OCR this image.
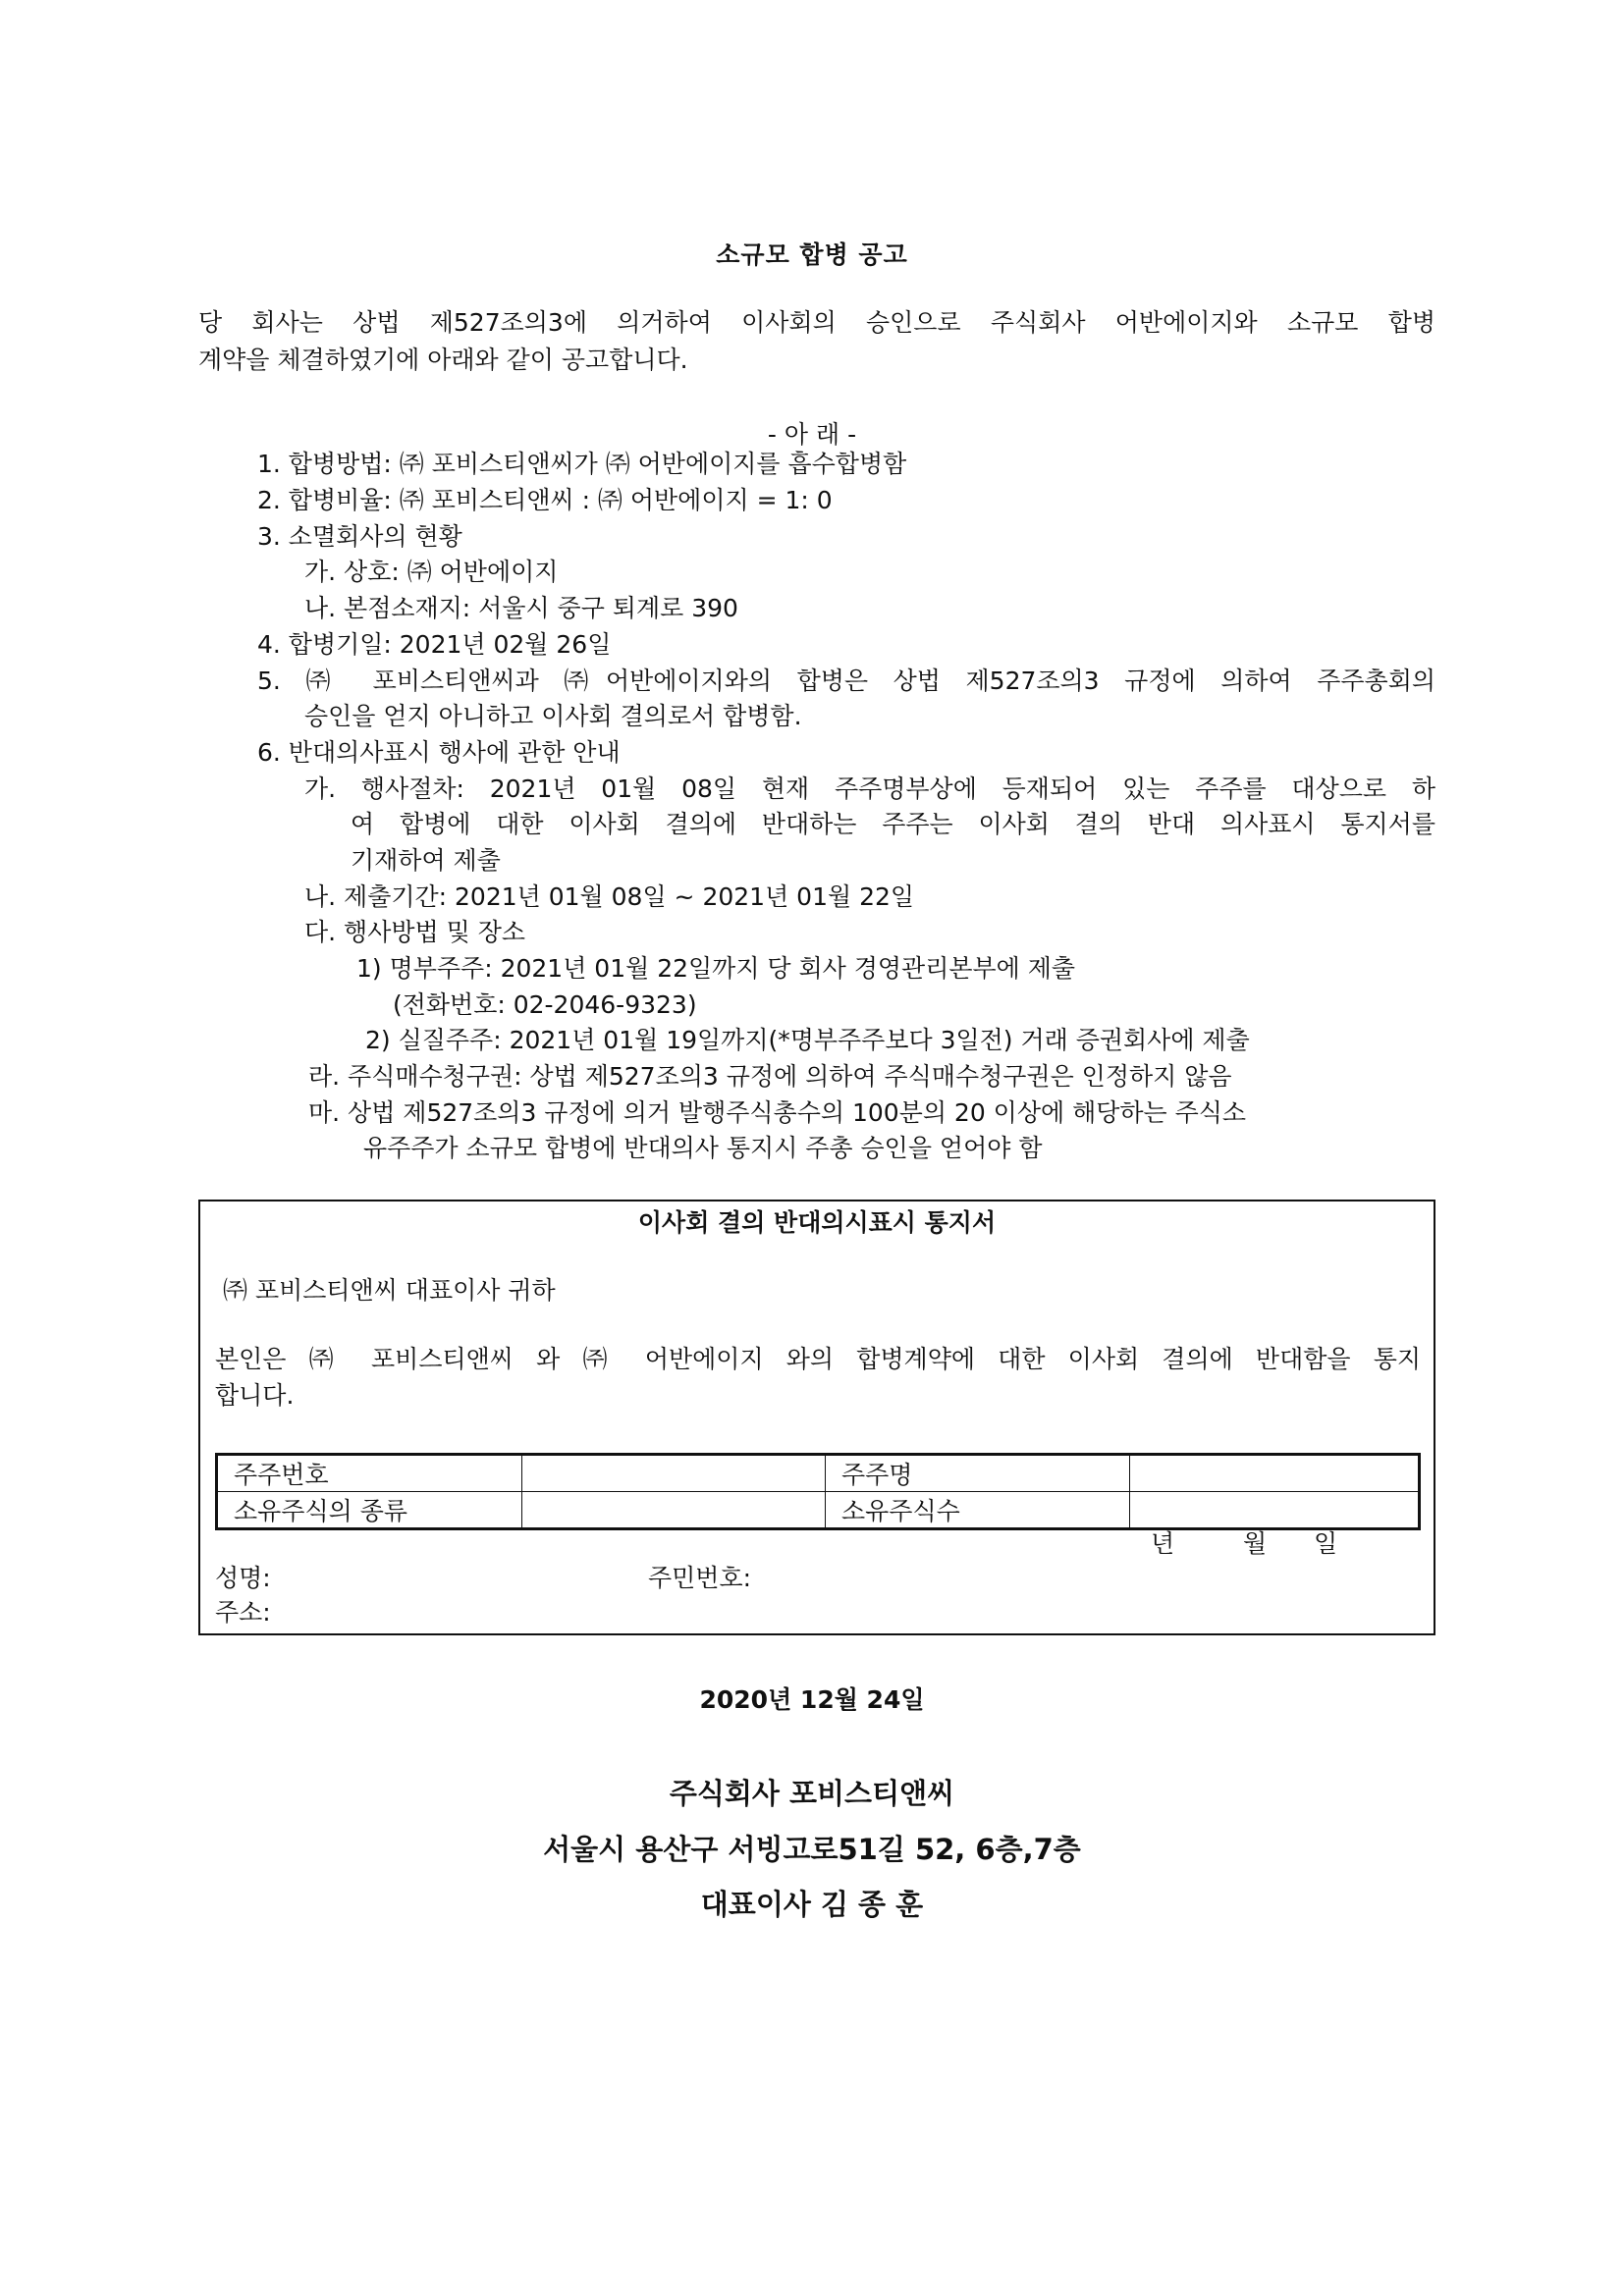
소규모 합병 공고
당 회사는 상법 제527조의3에 의거하여 이사회의 승인으로 주식회사 어반에이지와 소규모 합병
계약을 체결하였기에 아래와 같이 공고합니다.
- 아 래 -
1. 합병방법: ㈜ 포비스티앤씨가 ㈜ 어반에이지를 흡수합병함
2. 합병비율: ㈜ 포비스티앤씨 : ㈜ 어반에이지 = 1: 0
3. 소멸회사의 현황
가. 상호: ㈜ 어반에이지
나. 본점소재지: 서울시 중구 퇴계로 390
4. 합병기일: 2021년 02월 26일
5. ㈜ 포비스티앤씨과 ㈜어반에이지와의 합병은 상법 제527조의3 규정에 의하여 주주총회의
승인을 얻지 아니하고 이사회 결의로서 합병함.
6. 반대의사표시 행사에 관한 안내
가. 행사절차: 2021년 01월 08일 현재 주주명부상에 등재되어 있는 주주를 대상으로 하
여 합병에 대한 이사회 결의에 반대하는 주주는 이사회 결의 반대 의사표시 통지서를
기재하여 제출
나. 제출기간: 2021년 01월 08일 ~ 2021년 01월 22일
다. 행사방법 및 장소
1) 명부주주: 2021년 01월 22일까지 당 회사 경영관리본부에 제출
(전화번호: 02-2046-9323)
2) 실질주주: 2021년 01월 19일까지(*명부주주보다 3일전) 거래 증권회사에 제출
라. 주식매수청구권: 상법 제527조의3 규정에 의하여 주식매수청구권은 인정하지 않음
마. 상법 제527조의3 규정에 의거 발행주식총수의 100분의 20 이상에 해당하는 주식소
유주주가 소규모 합병에 반대의사 통지시 주총 승인을 얻어야 함
이사회 결의 반대의시표시 통지서
㈜ 포비스티앤씨 대표이사 귀하
본인은 ㈜ 포비스티앤씨 와 ㈜ 어반에이지 와의 합병계약에 대한 이사회 결의에 반대함을 통지
합니다.
주주번호		주주명	
소유주식의 종류		소유주식수	
년	월 일
성명:	주민번호:
주소:
2020년 12월 24일
주식회사 포비스티앤씨
서울시 용산구 서빙고로51길 52, 6층,7층
대표이사 김 종 훈
